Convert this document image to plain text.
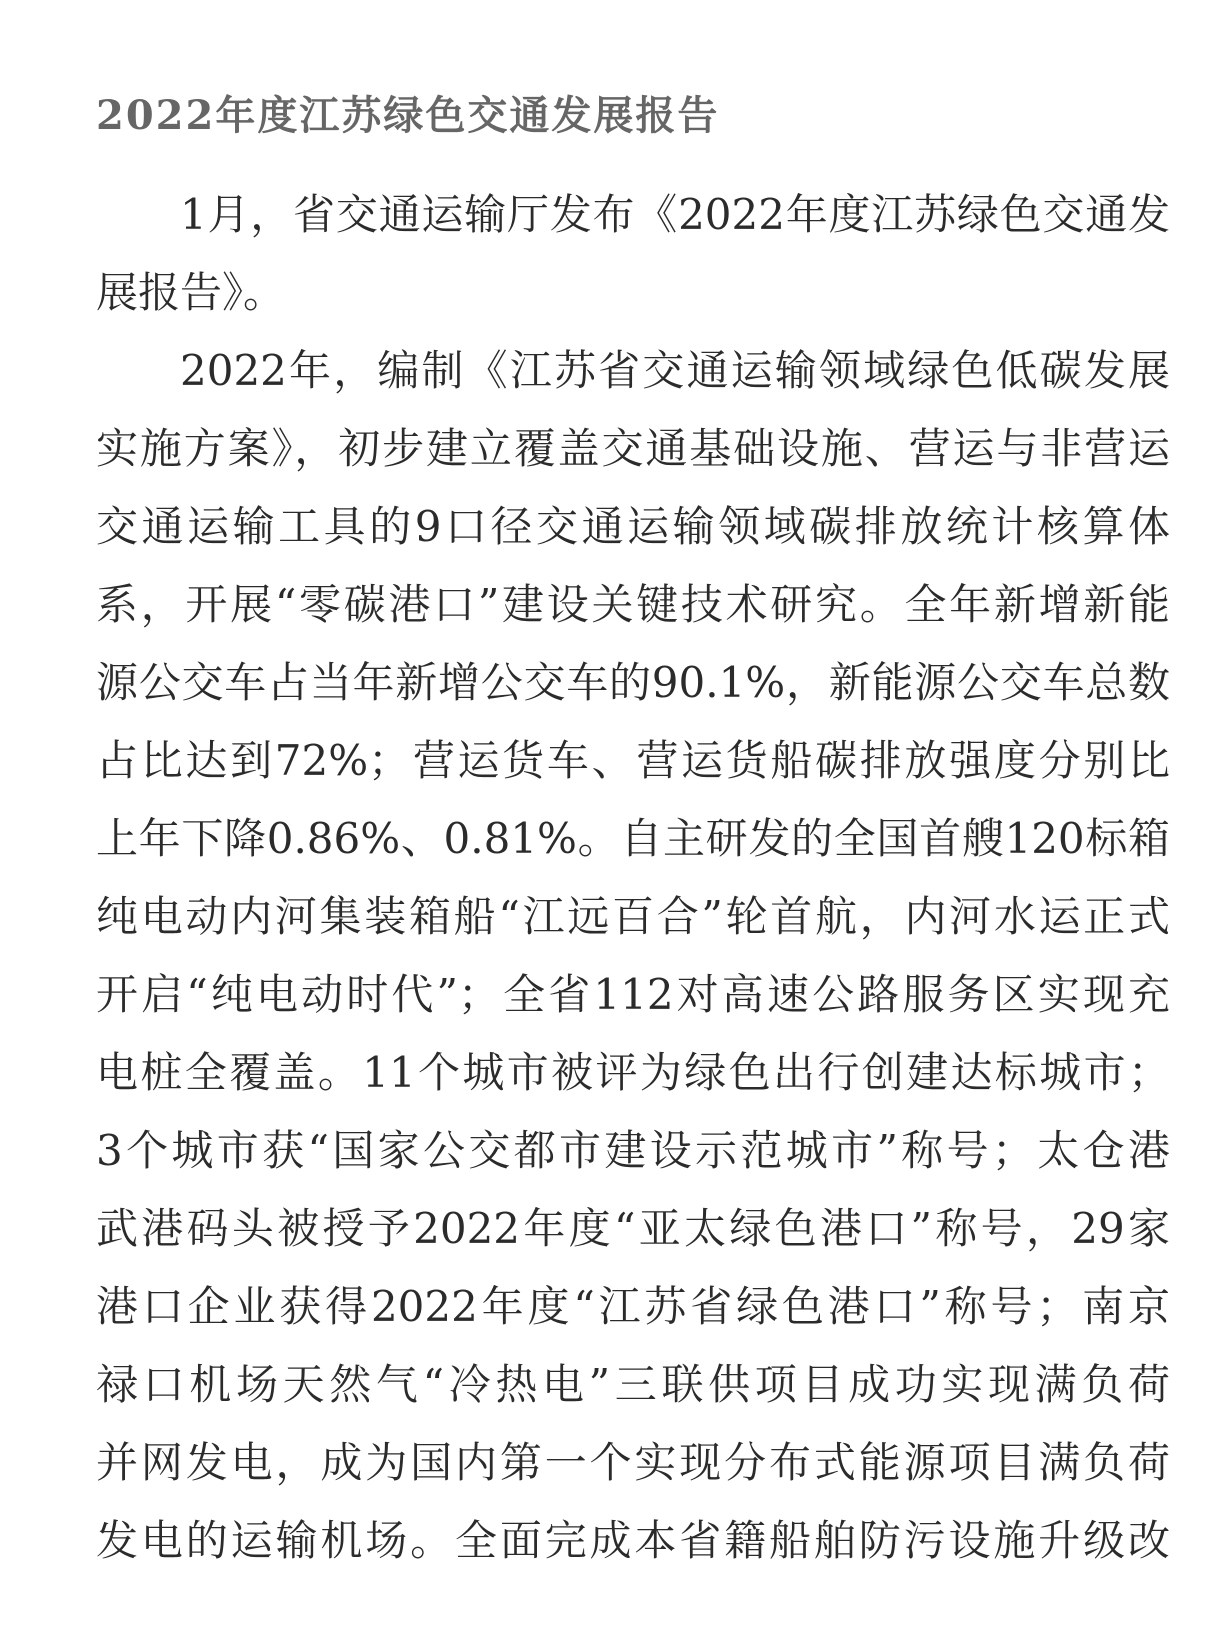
2022年度江苏绿色交通发展报告
1月，省交通运输厅发布《2022年度江苏绿色交通发
展报告》。
2022年，编制《江苏省交通运输领域绿色低碳发展
实施方案》，初步建立覆盖交通基础设施、营运与非营运
交通运输工具的9口径交通运输领域碳排放统计核算体
系，开展“零碳港口”建设关键技术研究。全年新增新能
源公交车占当年新增公交车的90.1%，新能源公交车总数
占比达到72%；营运货车、营运货船碳排放强度分别比
上年下降0.86%、0.81%。自主研发的全国首艘120标箱
纯电动内河集装箱船“江远百合”轮首航，内河水运正式
开启“纯电动时代”；全省112对高速公路服务区实现充
电桩全覆盖。11个城市被评为绿色出行创建达标城市；
3个城市获“国家公交都市建设示范城市”称号；太仓港
武港码头被授予2022年度“亚太绿色港口”称号，29家
港口企业获得2022年度“江苏省绿色港口”称号；南京
禄口机场天然气“冷热电”三联供项目成功实现满负荷
并网发电，成为国内第一个实现分布式能源项目满负荷
发电的运输机场。全面完成本省籍船舶防污设施升级改
